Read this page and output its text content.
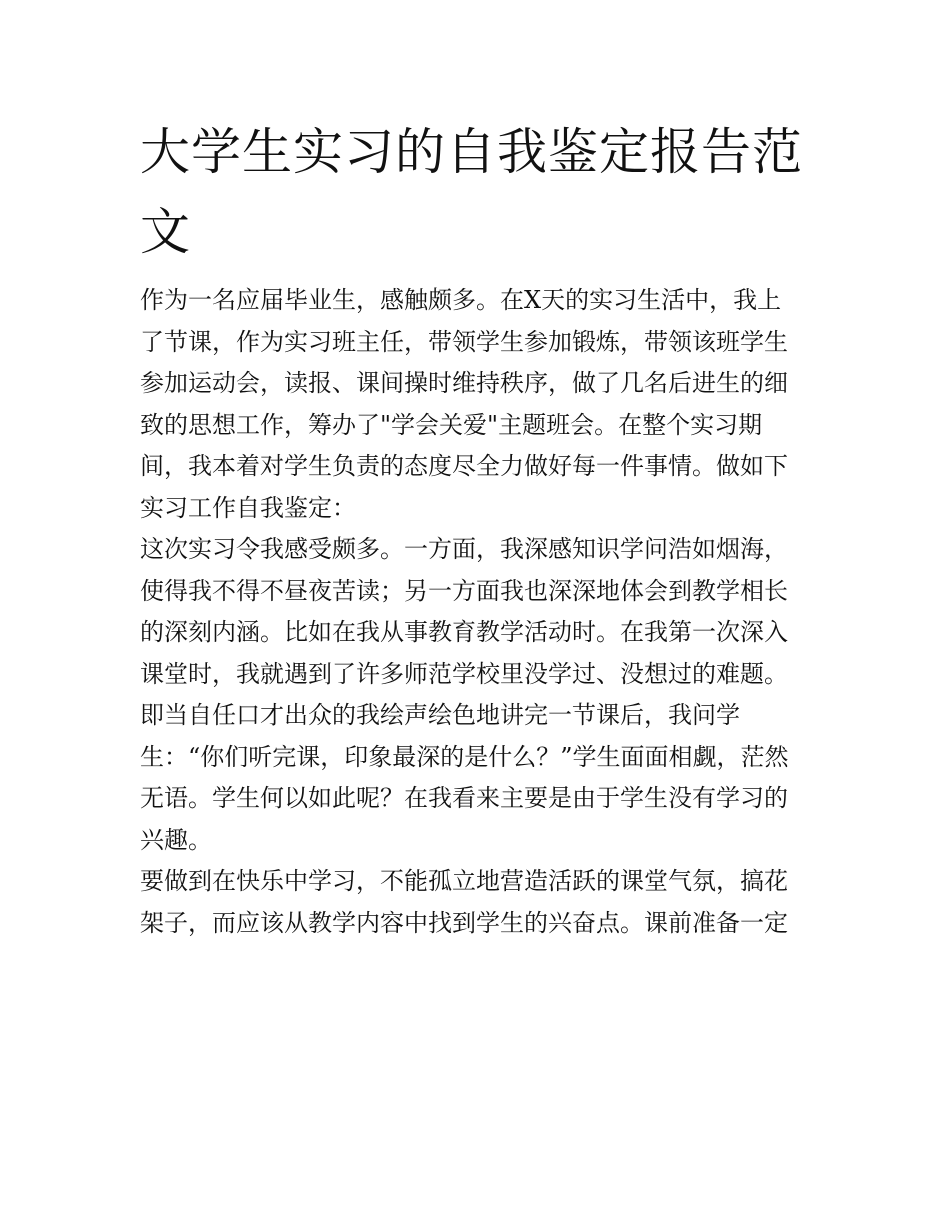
大学生实习的自我鉴定报告范
文
作为一名应届毕业生，感触颇多。在X天的实习生活中，我上
了节课，作为实习班主任，带领学生参加锻炼，带领该班学生
参加运动会，读报、课间操时维持秩序，做了几名后进生的细
致的思想工作，筹办了"学会关爱"主题班会。在整个实习期
间，我本着对学生负责的态度尽全力做好每一件事情。做如下
实习工作自我鉴定：
这次实习令我感受颇多。一方面，我深感知识学问浩如烟海，
使得我不得不昼夜苦读；另一方面我也深深地体会到教学相长
的深刻内涵。比如在我从事教育教学活动时。在我第一次深入
课堂时，我就遇到了许多师范学校里没学过、没想过的难题。
即当自任口才出众的我绘声绘色地讲完一节课后，我问学
生：“你们听完课，印象最深的是什么？”学生面面相觑，茫然
无语。学生何以如此呢？在我看来主要是由于学生没有学习的
兴趣。
要做到在快乐中学习，不能孤立地营造活跃的课堂气氛，搞花
架子，而应该从教学内容中找到学生的兴奋点。课前准备一定
